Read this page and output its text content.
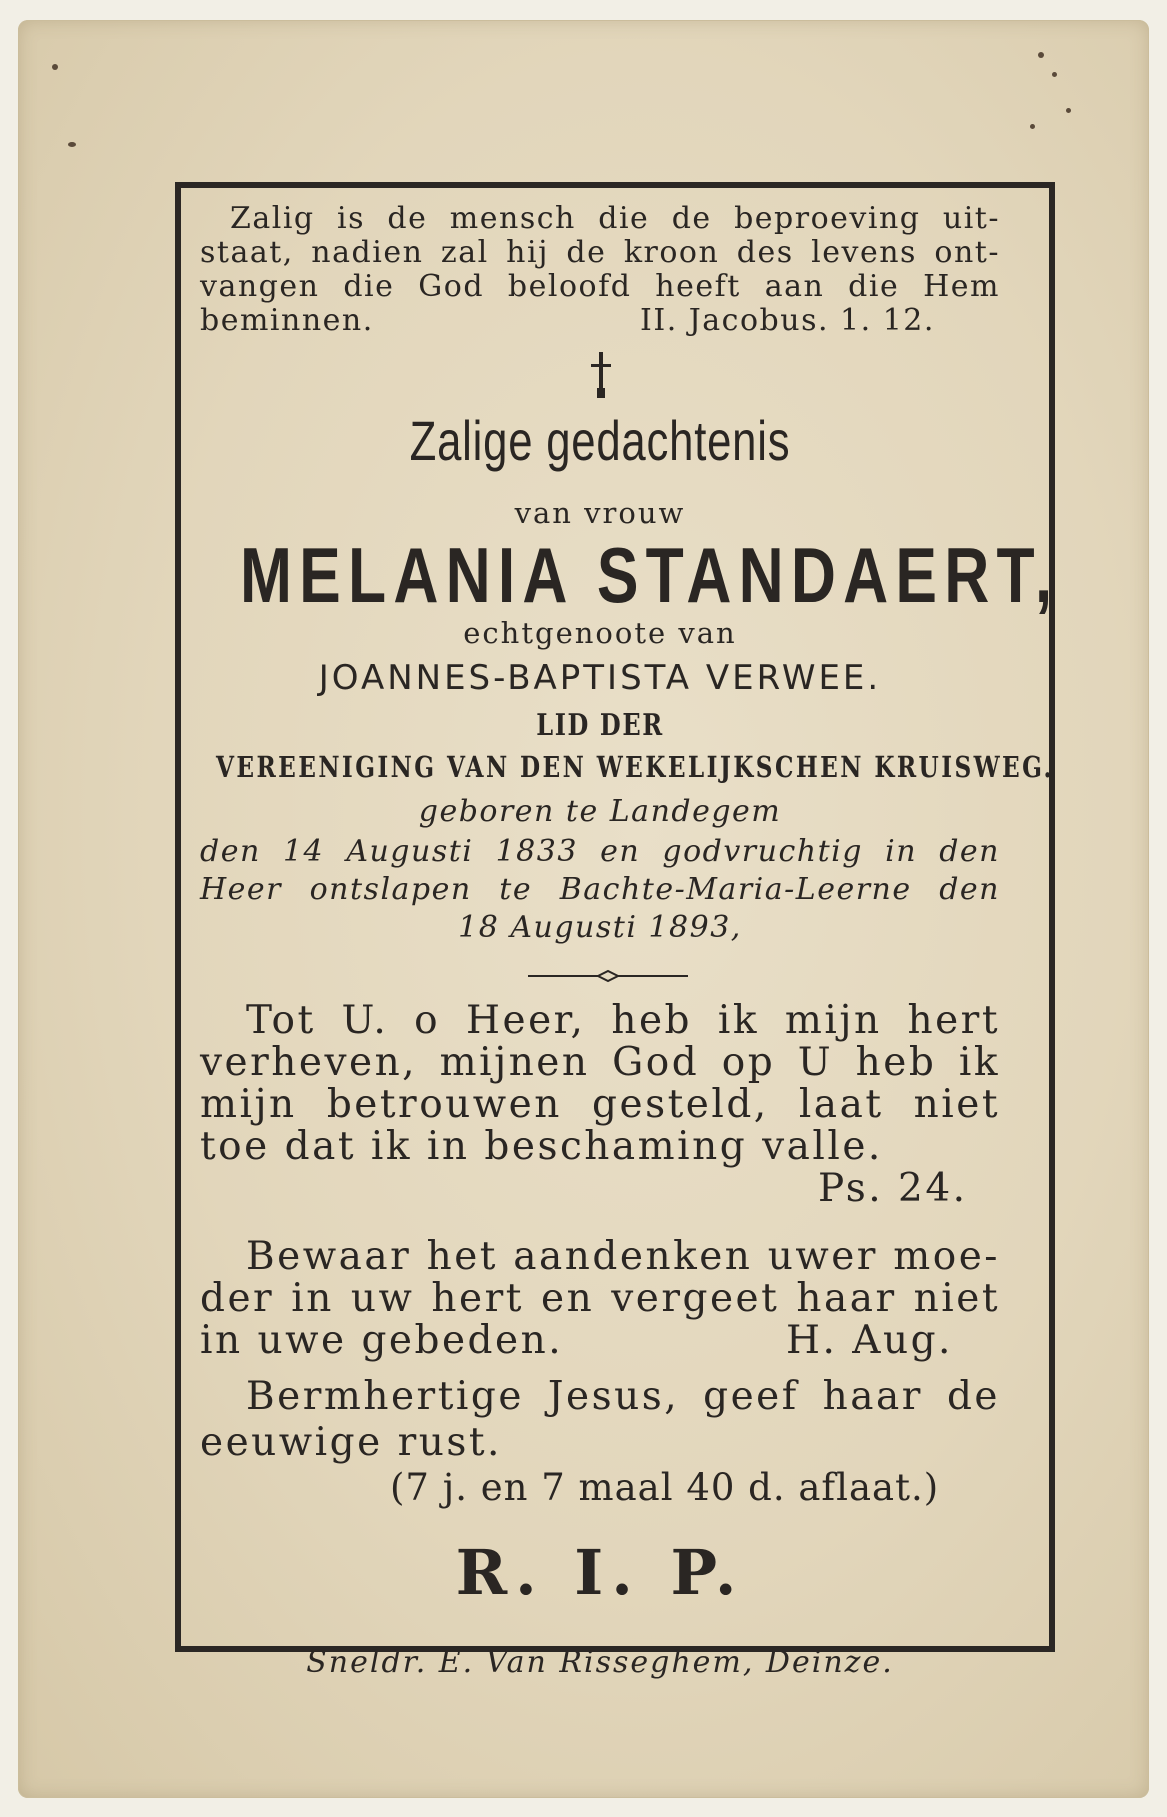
Zalig is de mensch die de beproeving uit-
staat, nadien zal hij de kroon des levens ont-
vangen die God beloofd heeft aan die Hem
beminnen.	II. Jacobus. 1. 12.
Zalige gedachtenis
van vrouw
MELANIA STANDAERT,
echtgenoote van
JOANNES-BAPTISTA VERWEE.
LID DER
VEREENIGING VAN DEN WEKELIJKSCHEN KRUISWEG.
geboren te Landegem
den 14 Augusti 1833 en godvruchtig in den
Heer ontslapen te Bachte-Maria-Leerne den
18 Augusti 1893,
Tot U. o Heer, heb ik mijn hert
verheven, mijnen God op U heb ik
mijn betrouwen gesteld, laat niet
toe dat ik in beschaming valle.
Ps. 24.
Bewaar het aandenken uwer moe-
der in uw hert en vergeet haar niet
in uwe gebeden.	H. Aug.
Bermhertige Jesus, geef haar de
eeuwige rust.
(7 j. en 7 maal 40 d. aflaat.)
R. I. P.
Sneldr. E. Van Risseghem, Deinze.
